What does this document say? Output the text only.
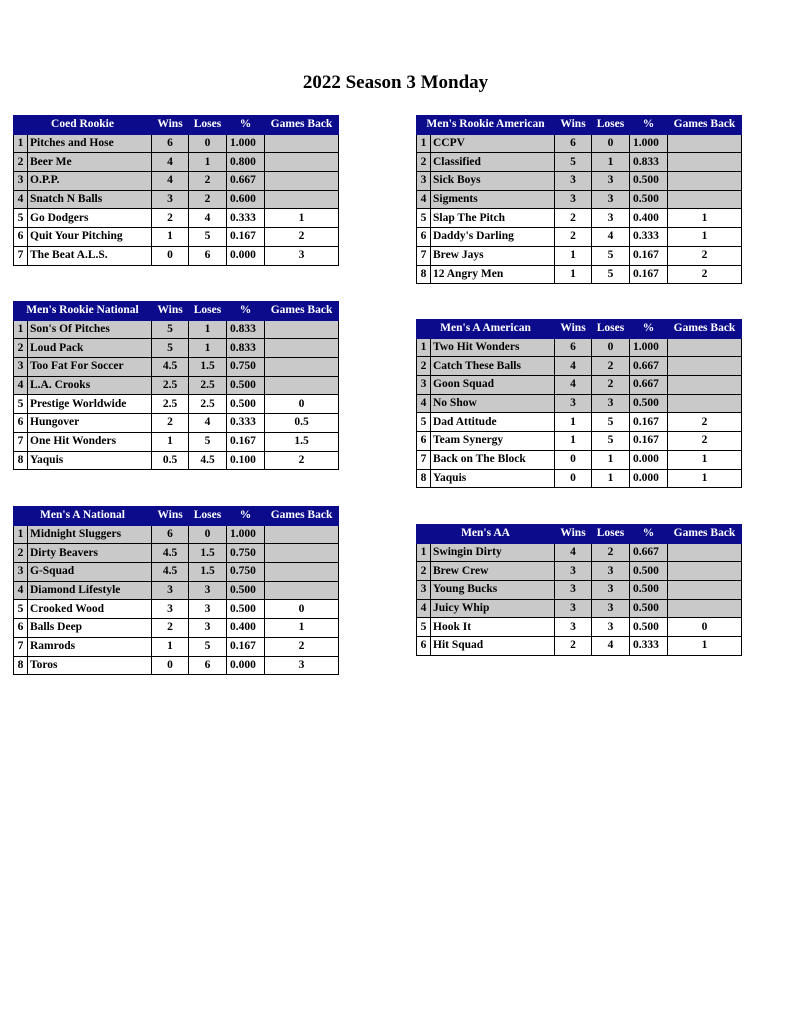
2022 Season 3 Monday
Coed Rookie		Wins	Loses	%	Games Back
1	Pitches and Hose	6	0	1.000	
2	Beer Me	4	1	0.800	
3	O.P.P.	4	2	0.667	
4	Snatch N Balls	3	2	0.600	
5	Go Dodgers	2	4	0.333	1
6	Quit Your Pitching	1	5	0.167	2
7	The Beat A.L.S.	0	6	0.000	3
Men's Rookie American		Wins	Loses	%	Games Back
1	CCPV	6	0	1.000	
2	Classified	5	1	0.833	
3	Sick Boys	3	3	0.500	
4	Sigments	3	3	0.500	
5	Slap The Pitch	2	3	0.400	1
6	Daddy's Darling	2	4	0.333	1
7	Brew Jays	1	5	0.167	2
8	12 Angry Men	1	5	0.167	2
Men's Rookie National		Wins	Loses	%	Games Back
1	Son's Of Pitches	5	1	0.833	
2	Loud Pack	5	1	0.833	
3	Too Fat For Soccer	4.5	1.5	0.750	
4	L.A. Crooks	2.5	2.5	0.500	
5	Prestige Worldwide	2.5	2.5	0.500	0
6	Hungover	2	4	0.333	0.5
7	One Hit Wonders	1	5	0.167	1.5
8	Yaquis	0.5	4.5	0.100	2
Men's A American		Wins	Loses	%	Games Back
1	Two Hit Wonders	6	0	1.000	
2	Catch These Balls	4	2	0.667	
3	Goon Squad	4	2	0.667	
4	No Show	3	3	0.500	
5	Dad Attitude	1	5	0.167	2
6	Team Synergy	1	5	0.167	2
7	Back on The Block	0	1	0.000	1
8	Yaquis	0	1	0.000	1
Men's A National		Wins	Loses	%	Games Back
1	Midnight Sluggers	6	0	1.000	
2	Dirty Beavers	4.5	1.5	0.750	
3	G-Squad	4.5	1.5	0.750	
4	Diamond Lifestyle	3	3	0.500	
5	Crooked Wood	3	3	0.500	0
6	Balls Deep	2	3	0.400	1
7	Ramrods	1	5	0.167	2
8	Toros	0	6	0.000	3
Men's AA		Wins	Loses	%	Games Back
1	Swingin Dirty	4	2	0.667	
2	Brew Crew	3	3	0.500	
3	Young Bucks	3	3	0.500	
4	Juicy Whip	3	3	0.500	
5	Hook It	3	3	0.500	0
6	Hit Squad	2	4	0.333	1
